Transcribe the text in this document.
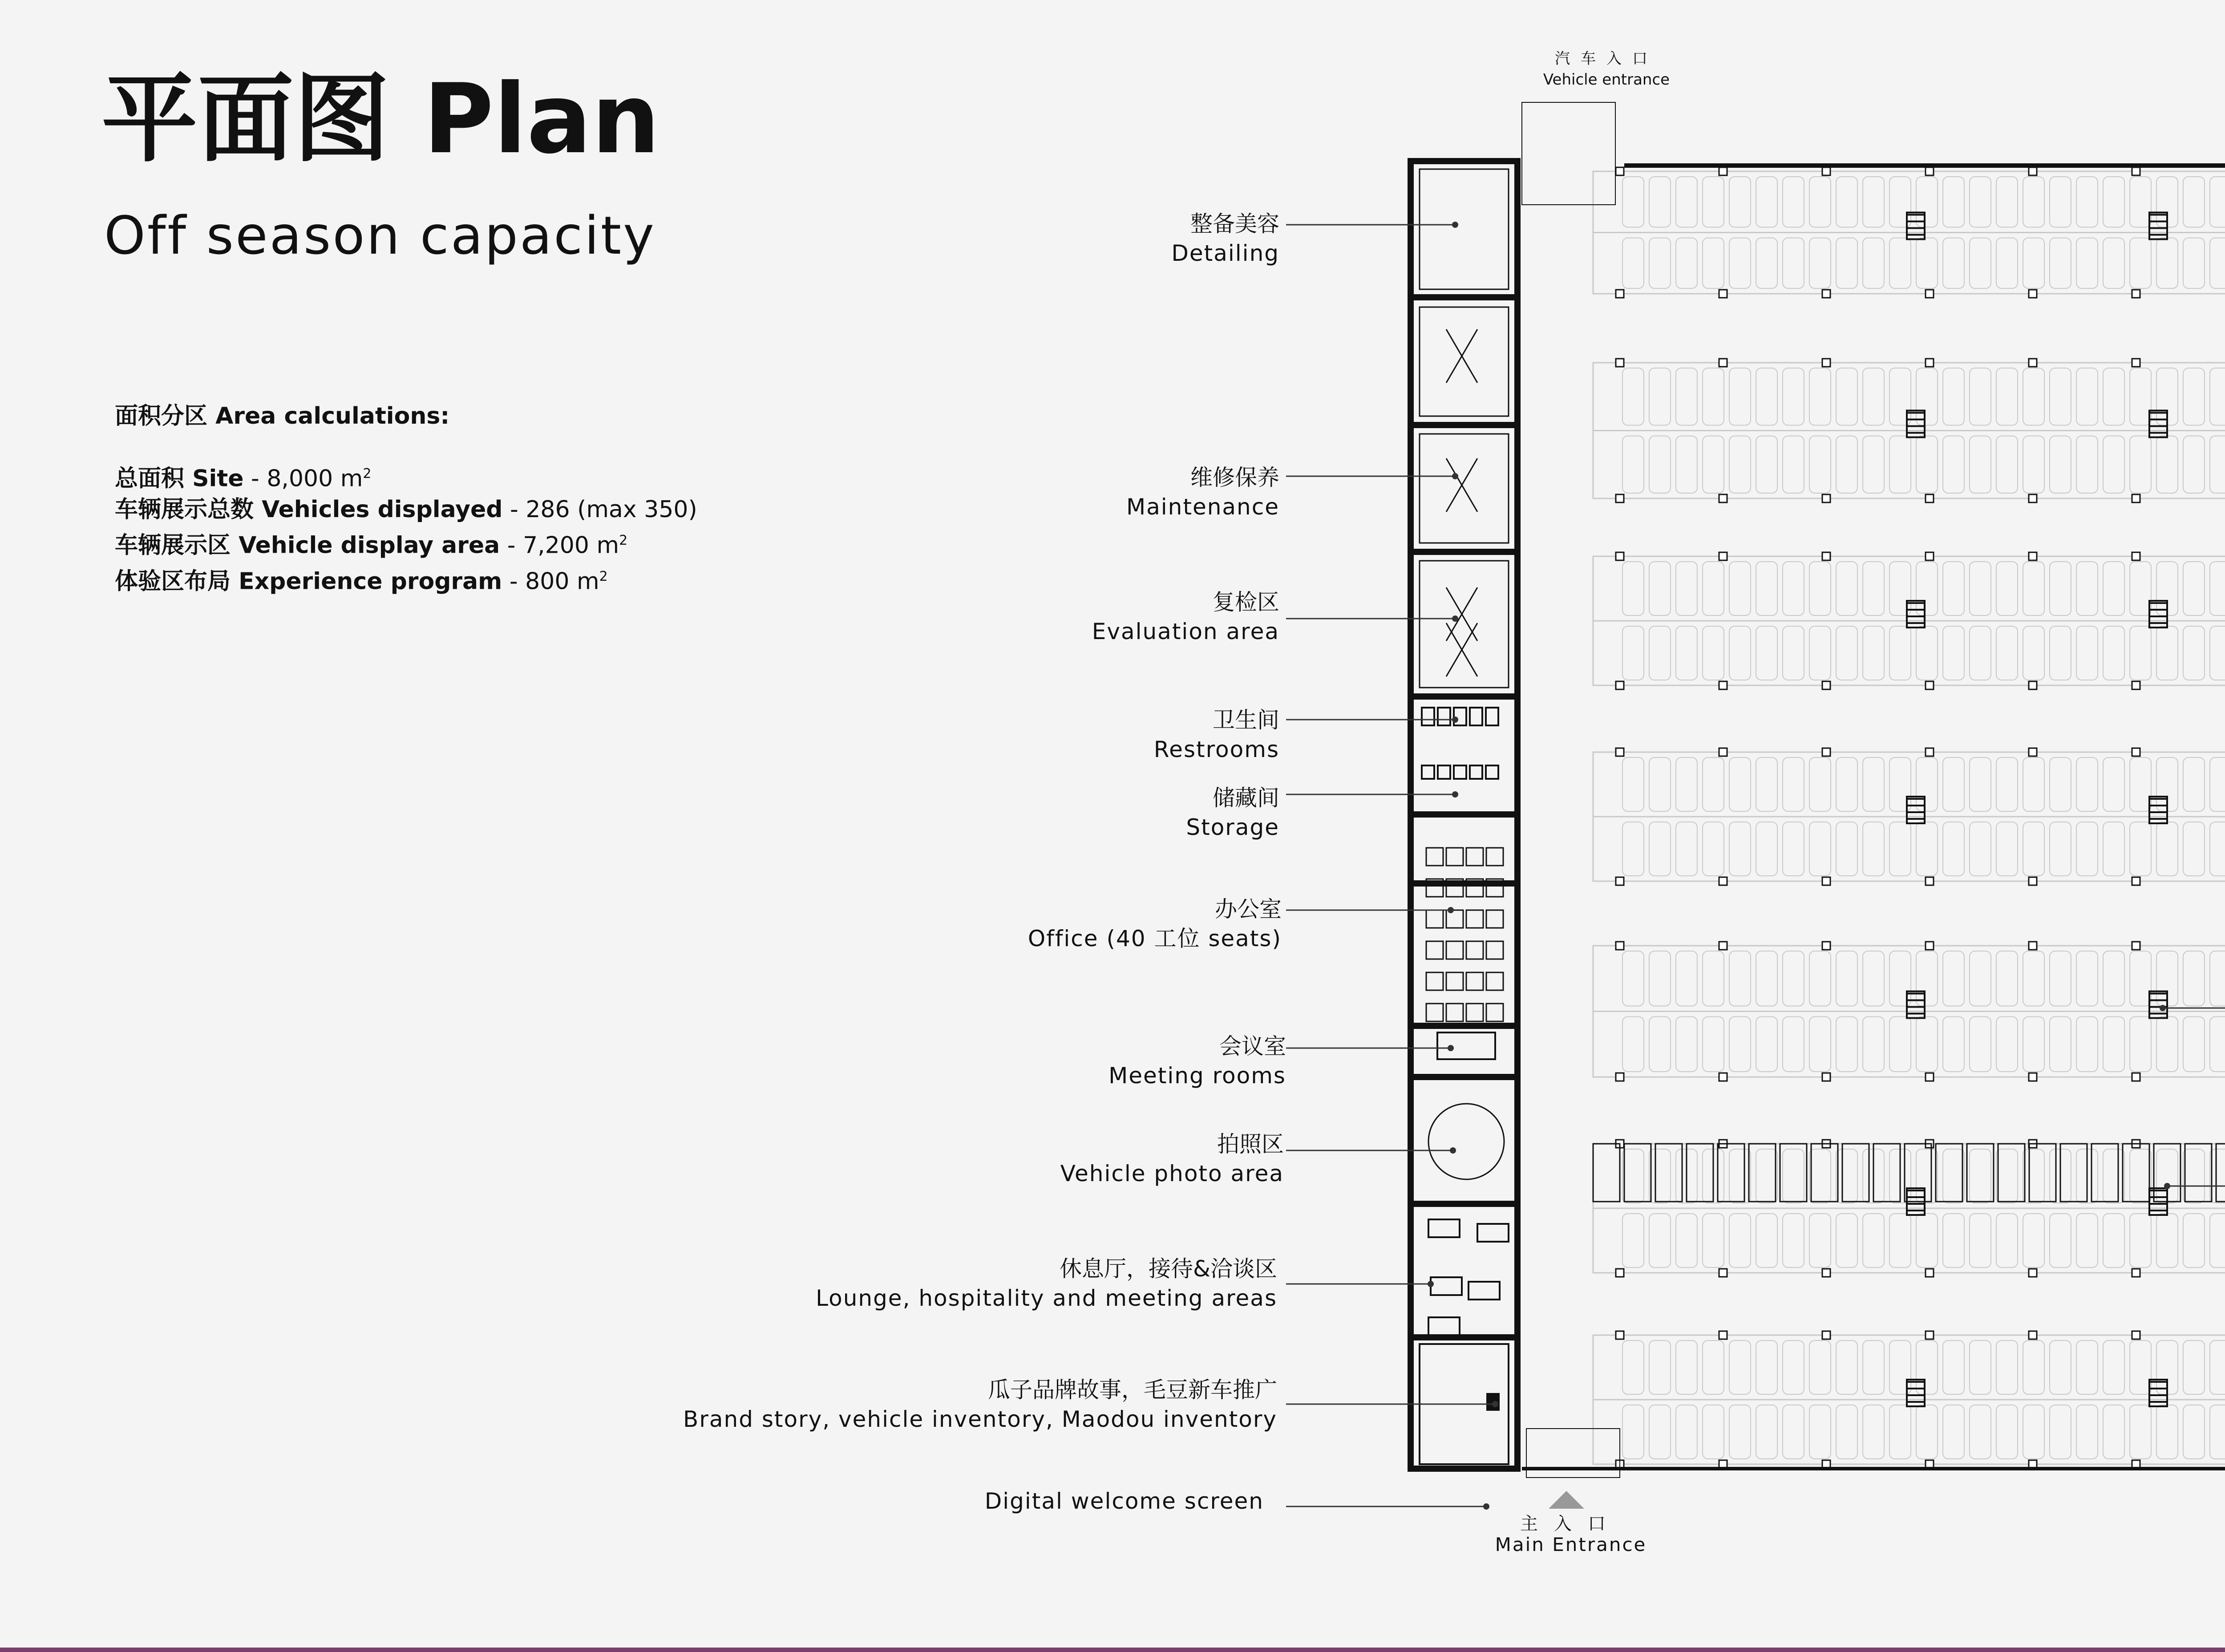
平面图 Plan
Off season capacity
面积分区 Area calculations:
总面积 Site - 8,000 $m^2$
车辆展示总数 Vehicles displayed - 286 (max 350)
车辆展示区 Vehicle display area - 7,200 $m^2$
体验区布局 Experience program - 800 $m^2$
整备美容
Detailing
维修保养
Maintenance
复检区
Evaluation area
卫生间
Restrooms
储藏间
Storage
办公室
Office (40 工位 seats)
会议室
Meeting rooms
拍照区
Vehicle photo area
休息厅，接待&洽谈区
Lounge, hospitality and meeting areas
瓜子品牌故事，毛豆新车推广
Brand story, vehicle inventory, Maodou inventory
Digital welcome screen
汽车入口
Vehicle entrance
主入口
Main Entrance
